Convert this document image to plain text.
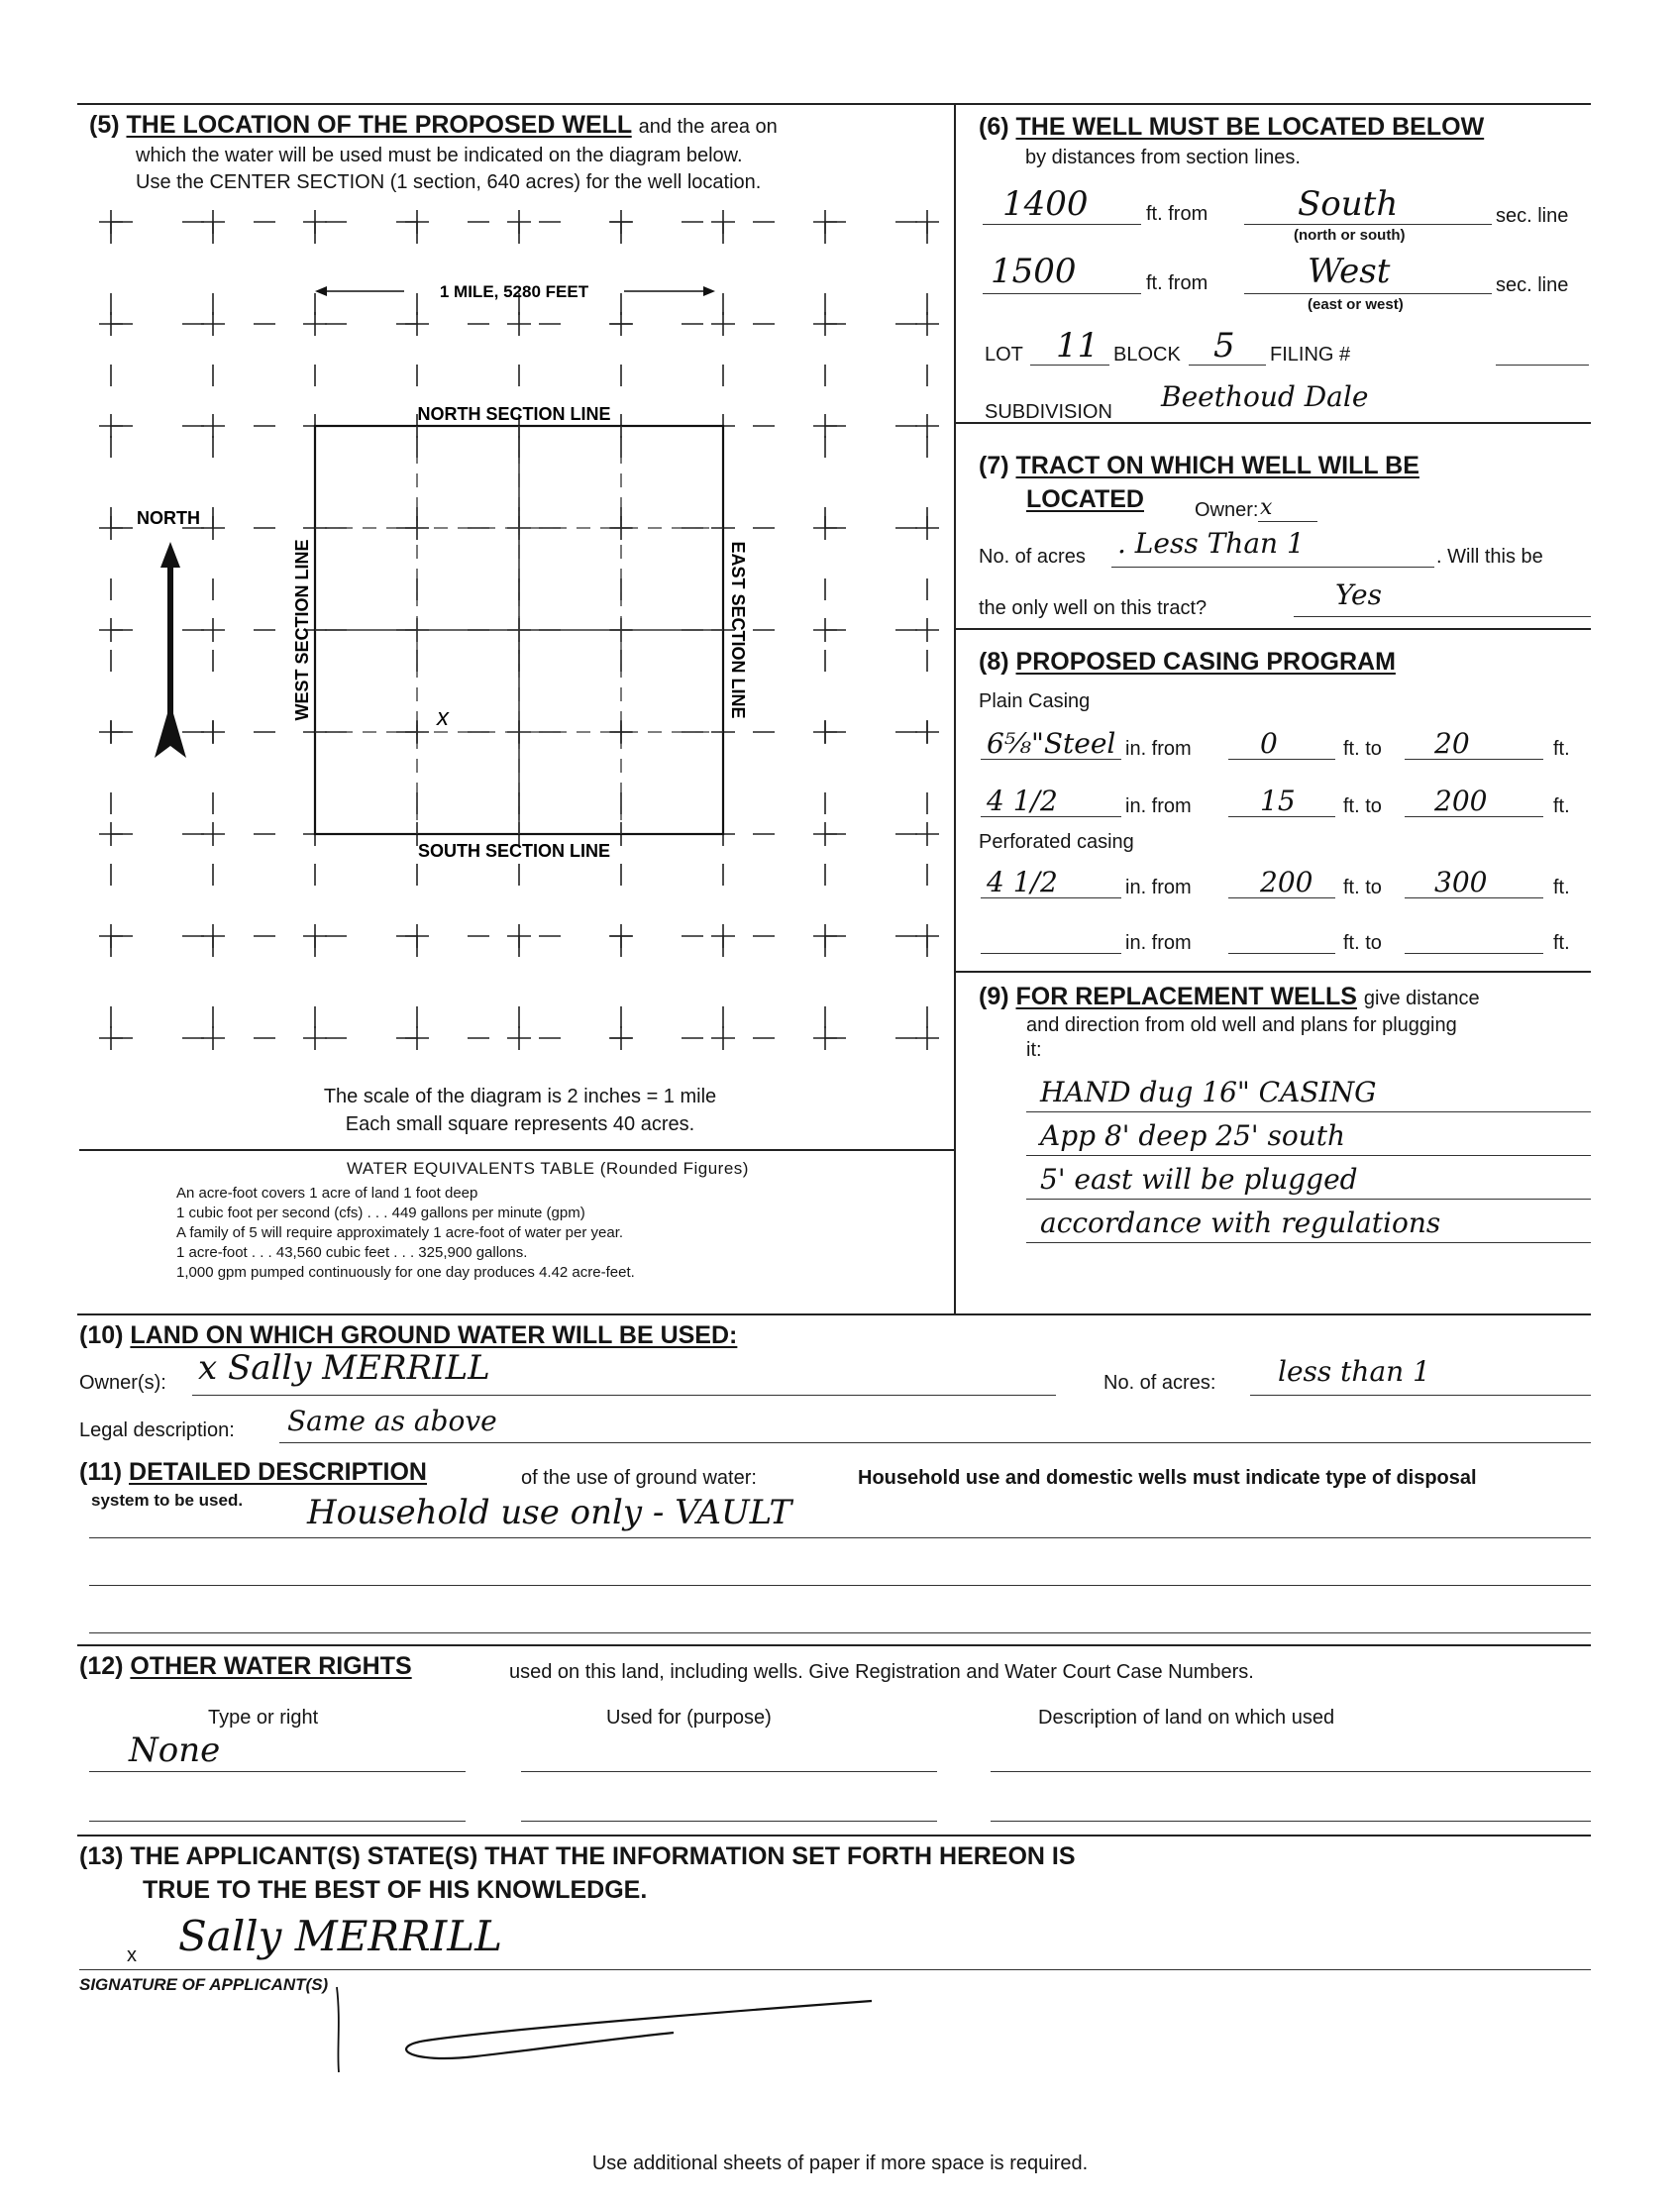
(5) THE LOCATION OF THE PROPOSED WELL and the area on
which the water will be used must be indicated on the diagram below.
Use the CENTER SECTION (1 section, 640 acres) for the well location.
1 MILE, 5280 FEET
NORTH SECTION LINE
SOUTH SECTION LINE
WEST SECTION LINE	EAST SECTION LINE
NORTH
x
The scale of the diagram is 2 inches = 1 mile
Each small square represents 40 acres.
WATER EQUIVALENTS TABLE (Rounded Figures)
An acre-foot covers 1 acre of land 1 foot deep
1 cubic foot per second (cfs) . . . 449 gallons per minute (gpm)
A family of 5 will require approximately 1 acre-foot of water per year.
1 acre-foot . . . 43,560 cubic feet . . . 325,900 gallons.
1,000 gpm pumped continuously for one day produces 4.42 acre-feet.
(6) THE WELL MUST BE LOCATED BELOW
by distances from section lines.
1400	ft. from	South
(north or south)
sec. line
1500	ft. from	West
(east or west)
sec. line
LOT 11 BLOCK 5 FILING #
SUBDIVISION Beethoud Dale
(7) TRACT ON WHICH WELL WILL BE
LOCATED	Owner: x
No. of acres . Less Than 1	. Will this be
the only well on this tract?	Yes
(8) PROPOSED CASING PROGRAM
Plain Casing
Perforated casing
6⅝"Steel in. from 0	ft. to 20	ft.
4 1/2	in. from 15 ft. to 200	ft.
4 1/2	in. from 200 ft. to 300	ft.
in. from	ft. to	ft.
(9) FOR REPLACEMENT WELLS give distance
and direction from old well and plans for plugging
it:
HAND dug 16" CASING
App 8' deep 25' south
5' east will be plugged
accordance with regulations
(10) LAND ON WHICH GROUND WATER WILL BE USED:
Owner(s): x Sally MERRILL	No. of acres: less than 1
Legal description: Same as above
(11) DETAILED DESCRIPTION	of the use of ground water:	Household use and domestic wells must indicate type of disposal
system to be used. Household use only - VAULT
(12) OTHER WATER RIGHTS	used on this land, including wells. Give Registration and Water Court Case Numbers.
Type or right	Used for (purpose)	Description of land on which used
None
(13) THE APPLICANT(S) STATE(S) THAT THE INFORMATION SET FORTH HEREON IS
TRUE TO THE BEST OF HIS KNOWLEDGE.
x Sally MERRILL
SIGNATURE OF APPLICANT(S)
Use additional sheets of paper if more space is required.
